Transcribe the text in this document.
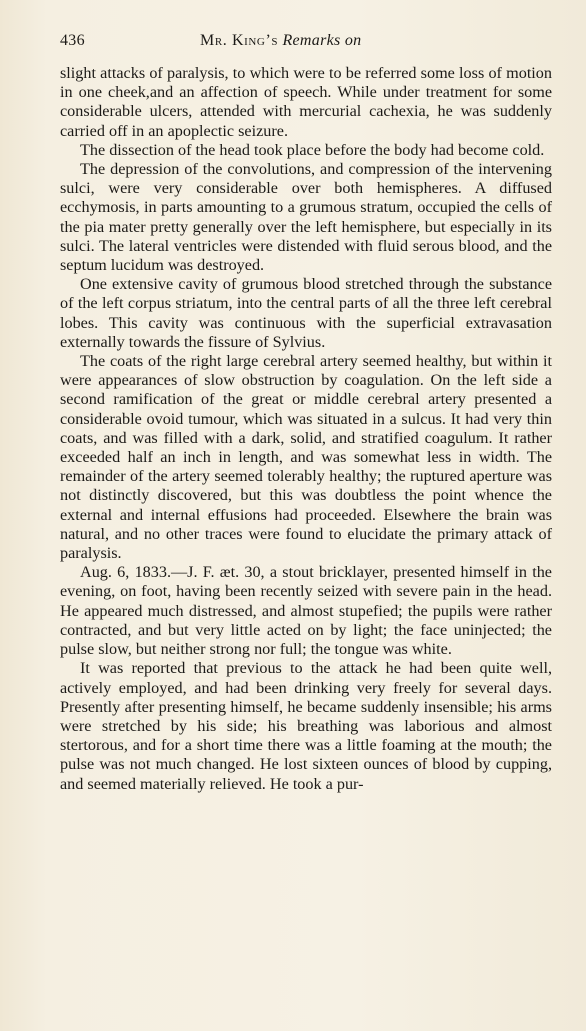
436	Mr. King’s Remarks on

slight attacks of paralysis, to which were to be referred some loss of motion in one cheek,and an affection of speech. While under treatment for some considerable ulcers, attended with mercurial cachexia, he was suddenly carried off in an apoplectic seizure.

The dissection of the head took place before the body had become cold.

The depression of the convolutions, and compression of the intervening sulci, were very considerable over both hemispheres. A diffused ecchymosis, in parts amounting to a grumous stratum, occupied the cells of the pia mater pretty generally over the left hemisphere, but especially in its sulci. The lateral ventricles were distended with fluid serous blood, and the septum lucidum was destroyed.

One extensive cavity of grumous blood stretched through the substance of the left corpus striatum, into the central parts of all the three left cerebral lobes. This cavity was continuous with the superficial extravasation externally towards the fissure of Sylvius.

The coats of the right large cerebral artery seemed healthy, but within it were appearances of slow obstruction by coagulation. On the left side a second ramification of the great or middle cerebral artery presented a considerable ovoid tumour, which was situated in a sulcus. It had very thin coats, and was filled with a dark, solid, and stratified coagulum. It rather exceeded half an inch in length, and was somewhat less in width. The remainder of the artery seemed tolerably healthy; the ruptured aperture was not distinctly discovered, but this was doubtless the point whence the external and internal effusions had proceeded. Elsewhere the brain was natural, and no other traces were found to elucidate the primary attack of paralysis.

Aug. 6, 1833.—J. F. æt. 30, a stout bricklayer, presented himself in the evening, on foot, having been recently seized with severe pain in the head. He appeared much distressed, and almost stupefied; the pupils were rather contracted, and but very little acted on by light; the face uninjected; the pulse slow, but neither strong nor full; the tongue was white.

It was reported that previous to the attack he had been quite well, actively employed, and had been drinking very freely for several days. Presently after presenting himself, he became suddenly insensible; his arms were stretched by his side; his breathing was laborious and almost stertorous, and for a short time there was a little foaming at the mouth; the pulse was not much changed. He lost sixteen ounces of blood by cupping, and seemed materially relieved. He took a pur-
